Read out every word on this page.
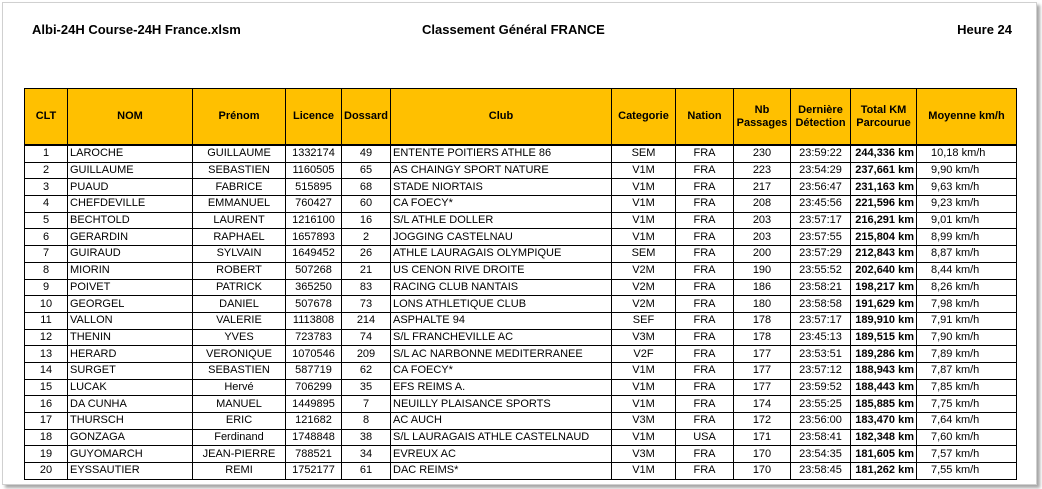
Albi-24H Course-24H France.xlsm	Classement Général FRANCE	Heure 24
CLT	NOM	Prénom	Licence	Dossard	Club	Categorie	Nation	Nb Passages	Dernière Détection	Total KM Parcourue	Moyenne km/h
1	LAROCHE	GUILLAUME	1332174	49	ENTENTE POITIERS ATHLE 86	SEM	FRA	230	23:59:22	244,336 km	10,18 km/h
2	GUILLAUME	SEBASTIEN	1160505	65	AS CHAINGY SPORT NATURE	V1M	FRA	223	23:54:29	237,661 km	9,90 km/h
3	PUAUD	FABRICE	515895	68	STADE NIORTAIS	V1M	FRA	217	23:56:47	231,163 km	9,63 km/h
4	CHEFDEVILLE	EMMANUEL	760427	60	CA FOECY*	V1M	FRA	208	23:45:56	221,596 km	9,23 km/h
5	BECHTOLD	LAURENT	1216100	16	S/L ATHLE DOLLER	V1M	FRA	203	23:57:17	216,291 km	9,01 km/h
6	GERARDIN	RAPHAEL	1657893	2	JOGGING CASTELNAU	V1M	FRA	203	23:57:55	215,804 km	8,99 km/h
7	GUIRAUD	SYLVAIN	1649452	26	ATHLE LAURAGAIS OLYMPIQUE	SEM	FRA	200	23:57:29	212,843 km	8,87 km/h
8	MIORIN	ROBERT	507268	21	US CENON RIVE DROITE	V2M	FRA	190	23:55:52	202,640 km	8,44 km/h
9	POIVET	PATRICK	365250	83	RACING CLUB NANTAIS	V2M	FRA	186	23:58:21	198,217 km	8,26 km/h
10	GEORGEL	DANIEL	507678	73	LONS ATHLETIQUE CLUB	V2M	FRA	180	23:58:58	191,629 km	7,98 km/h
11	VALLON	VALERIE	1113808	214	ASPHALTE 94	SEF	FRA	178	23:57:17	189,910 km	7,91 km/h
12	THENIN	YVES	723783	74	S/L FRANCHEVILLE AC	V3M	FRA	178	23:45:13	189,515 km	7,90 km/h
13	HERARD	VERONIQUE	1070546	209	S/L AC NARBONNE MEDITERRANEE	V2F	FRA	177	23:53:51	189,286 km	7,89 km/h
14	SURGET	SEBASTIEN	587719	62	CA FOECY*	V1M	FRA	177	23:57:12	188,943 km	7,87 km/h
15	LUCAK	Hervé	706299	35	EFS REIMS A.	V1M	FRA	177	23:59:52	188,443 km	7,85 km/h
16	DA CUNHA	MANUEL	1449895	7	NEUILLY PLAISANCE SPORTS	V1M	FRA	174	23:55:25	185,885 km	7,75 km/h
17	THURSCH	ERIC	121682	8	AC AUCH	V3M	FRA	172	23:56:00	183,470 km	7,64 km/h
18	GONZAGA	Ferdinand	1748848	38	S/L LAURAGAIS ATHLE CASTELNAUD	V1M	USA	171	23:58:41	182,348 km	7,60 km/h
19	GUYOMARCH	JEAN-PIERRE	788521	34	EVREUX AC	V3M	FRA	170	23:54:35	181,605 km	7,57 km/h
20	EYSSAUTIER	REMI	1752177	61	DAC REIMS*	V1M	FRA	170	23:58:45	181,262 km	7,55 km/h
